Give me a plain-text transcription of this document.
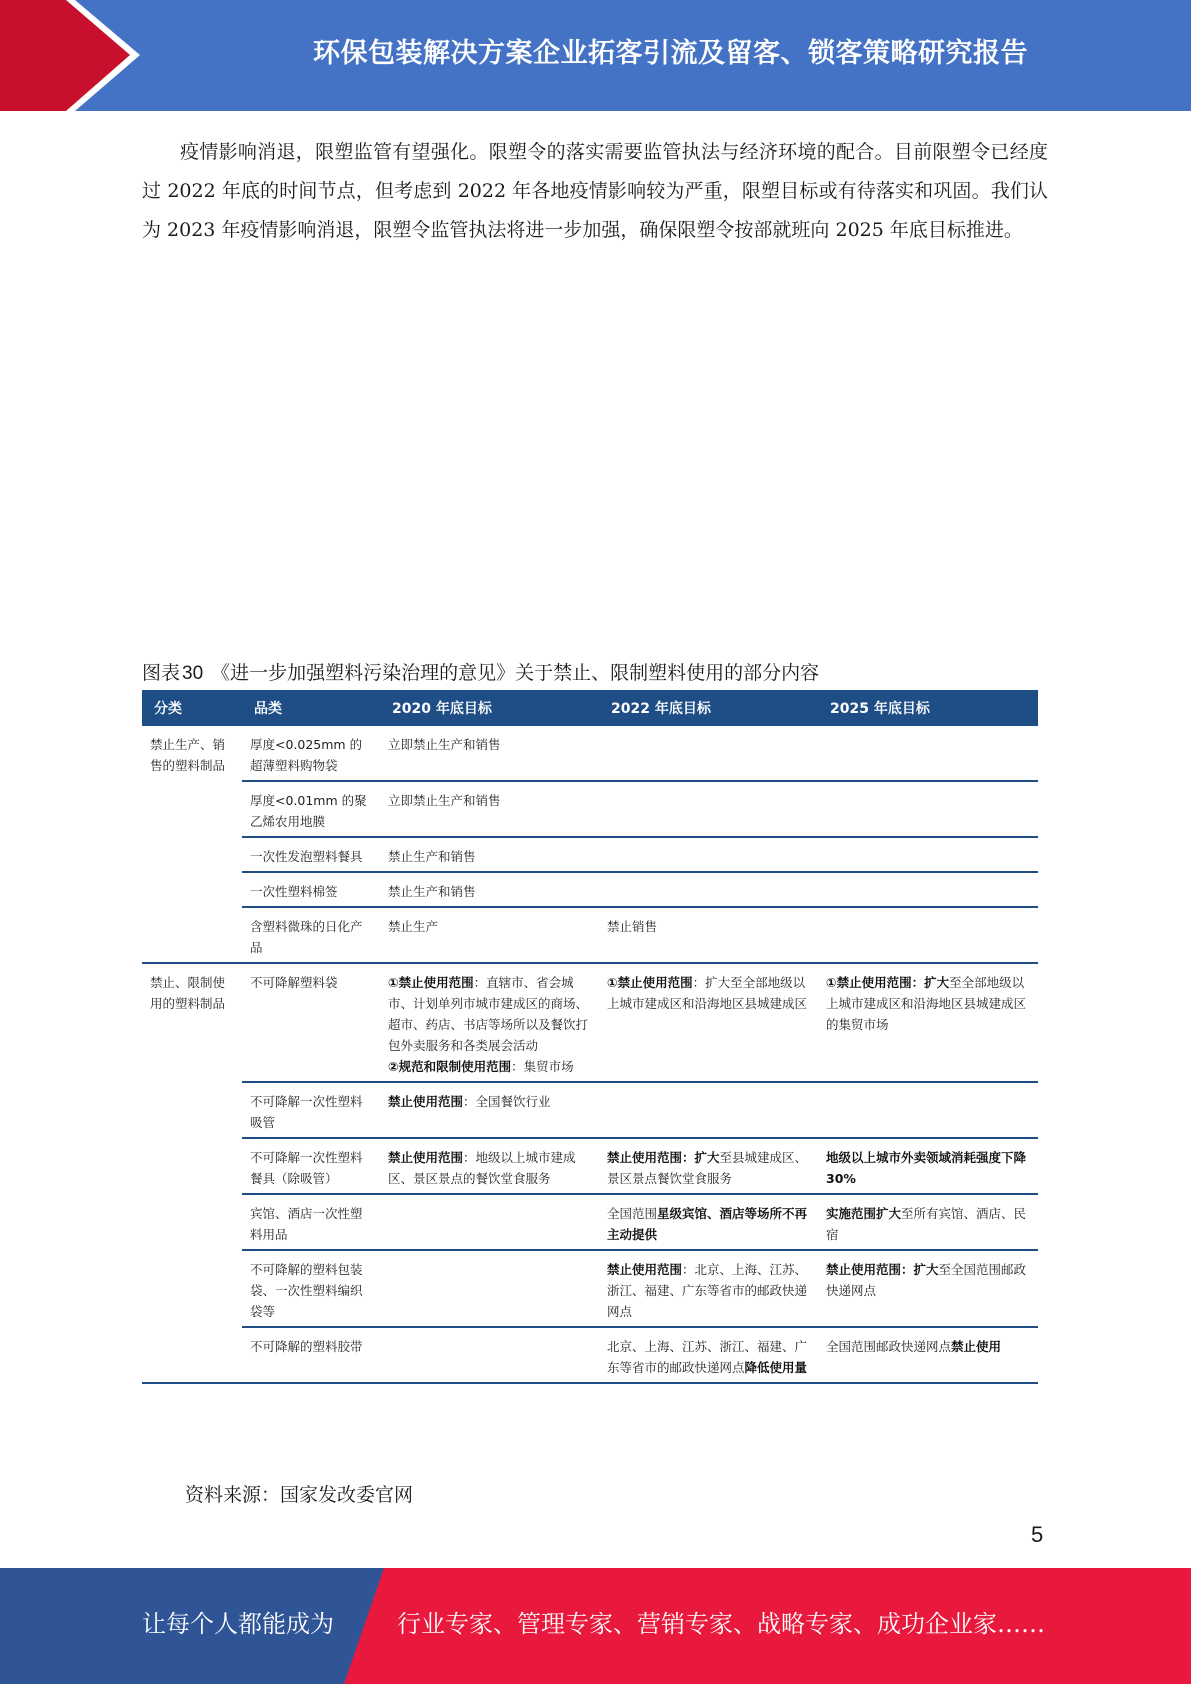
环保包装解决方案企业拓客引流及留客、锁客策略研究报告

疫情影响消退，限塑监管有望强化。限塑令的落实需要监管执法与经济环境的配合。目前限塑令已经度过 2022 年底的时间节点，但考虑到 2022 年各地疫情影响较为严重，限塑目标或有待落实和巩固。我们认为 2023 年疫情影响消退，限塑令监管执法将进一步加强，确保限塑令按部就班向 2025 年底目标推进。

图表 30 《进一步加强塑料污染治理的意见》关于禁止、限制塑料使用的部分内容
分类	品类	2020 年底目标	2022 年底目标	2025 年底目标
禁止生产、销售的塑料制品	厚度<0.025mm 的超薄塑料购物袋	立即禁止生产和销售		
	厚度<0.01mm 的聚乙烯农用地膜	立即禁止生产和销售		
	一次性发泡塑料餐具	禁止生产和销售		
	一次性塑料棉签	禁止生产和销售		
	含塑料微珠的日化产品	禁止生产	禁止销售	
禁止、限制使用的塑料制品	不可降解塑料袋	①禁止使用范围：直辖市、省会城市、计划单列市城市建成区的商场、超市、药店、书店等场所以及餐饮打包外卖服务和各类展会活动
②规范和限制使用范围：集贸市场	①禁止使用范围：扩大至全部地级以上城市建成区和沿海地区县城建成区	①禁止使用范围：扩大至全部地级以上城市建成区和沿海地区县城建成区的集贸市场
	不可降解一次性塑料吸管	禁止使用范围：全国餐饮行业		
	不可降解一次性塑料餐具（除吸管）	禁止使用范围：地级以上城市建成区、景区景点的餐饮堂食服务	禁止使用范围：扩大至县城建成区、景区景点餐饮堂食服务	地级以上城市外卖领域消耗强度下降 30%
	宾馆、酒店一次性塑料用品		全国范围星级宾馆、酒店等场所不再主动提供	实施范围扩大至所有宾馆、酒店、民宿
	不可降解的塑料包装袋、一次性塑料编织袋等		禁止使用范围：北京、上海、江苏、浙江、福建、广东等省市的邮政快递网点	禁止使用范围：扩大至全国范围邮政快递网点
	不可降解的塑料胶带		北京、上海、江苏、浙江、福建、广东等省市的邮政快递网点降低使用量	全国范围邮政快递网点禁止使用
资料来源：国家发改委官网
5
让每个人都能成为	行业专家、管理专家、营销专家、战略专家、成功企业家……
